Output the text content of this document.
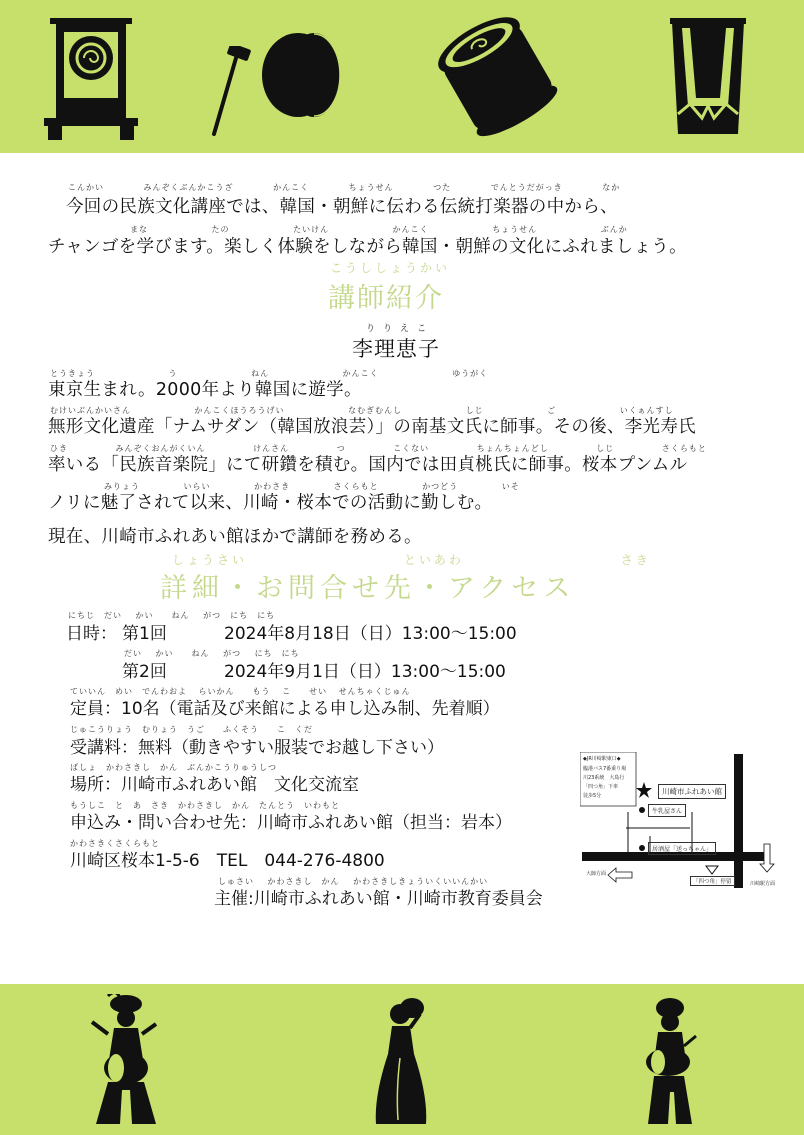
こんかい	みんぞくぶんかこうざ	かんこく	ちょうせん	つた	でんとうだがっき	なか
今回の民族文化講座では、韓国・朝鮮に伝わる伝統打楽器の中から、
まな	たの	たいけん	かんこく	ちょうせん	ぶんか
チャンゴを学びます。楽しく体験をしながら韓国・朝鮮の文化にふれましょう。
こうししょうかい
講師紹介
りりえこ
李理恵子
とうきょう う	ねん	かんこく	ゆうがく
東京生まれ。2000年より韓国に遊学。
むけいぶんかいさん	かんこくほうろうげい	なむぎむんし	しじ	ご	いくぁんすし
無形文化遺産「ナムサダン（韓国放浪芸）」の南基文氏に師事。その後、李光寿氏
ひき	みんぞくおんがくいん	けんさん	つ	こくない	ちょんちょんどし	しじ	さくらもと
率いる「民族音楽院」にて研鑽を積む。国内では田貞桃氏に師事。桜本プンムル
みりょう	いらい	かわさき	さくらもと	かつどう	いそ
ノリに魅了されて以来、川崎・桜本での活動に勤しむ。
現在、川崎市ふれあい館ほかで講師を務める。
しょうさい	といあわ	さき
詳細・お問合せ先・アクセス
にちじ　だい かい　　ねん がつ　にち　にち
日時： 第1回	2024年8月18日（日）13:00～15:00
だい かい　　ねん がつ にち　にち
第2回	2024年9月1日（日）13:00～15:00
ていいん　めい　でんわおよ らいかん　　もう こ　　せい せんちゃくじゅん
定員：10名（電話及び来館による申し込み制、先着順）
じゅこうりょう　むりょう　うご　　ふくそう　　こ　くだ
受講料：無料（動きやすい服装でお越し下さい）
ばしょ　かわさきし　かん　ぶんかこうりゅうしつ
場所：川崎市ふれあい館　文化交流室
もうしこ　と　あ　さき　かわさきし　かん　たんとう　いわもと
申込み・問い合わせ先：川崎市ふれあい館（担当：岩本）
かわさきくさくらもと
川崎区桜本1-5-6　TEL　044-276-4800
しゅさい かわさきし　かん かわさきしきょういくいいんかい
主催:川崎市ふれあい館・川崎市教育委員会
◆JR川崎駅東口◆
臨港バス7番乗り場
川23系統　大島行
「四つ角」下車
徒歩5分	川崎市ふれあい館
牛乳屋さん
居酒屋「送っちゃん」
「四つ角」停留
大師方面
川崎駅方面
